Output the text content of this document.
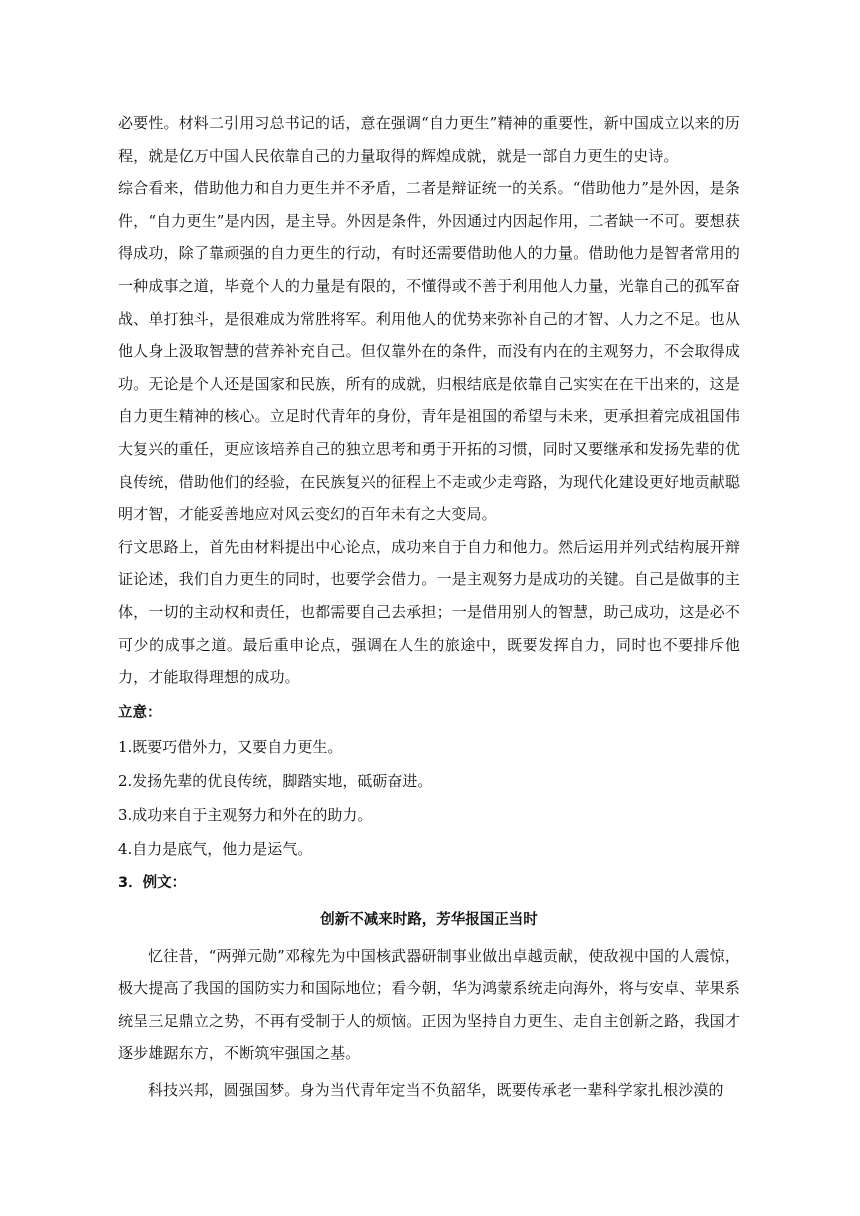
必要性。材料二引用习总书记的话，意在强调“自力更生”精神的重要性，新中国成立以来的历程，就是亿万中国人民依靠自己的力量取得的辉煌成就，就是一部自力更生的史诗。

综合看来，借助他力和自力更生并不矛盾，二者是辩证统一的关系。“借助他力”是外因，是条件，“自力更生”是内因，是主导。外因是条件，外因通过内因起作用，二者缺一不可。要想获得成功，除了靠顽强的自力更生的行动，有时还需要借助他人的力量。借助他力是智者常用的一种成事之道，毕竟个人的力量是有限的，不懂得或不善于利用他人力量，光靠自己的孤军奋战、单打独斗，是很难成为常胜将军。利用他人的优势来弥补自己的才智、人力之不足。也从他人身上汲取智慧的营养补充自己。但仅靠外在的条件，而没有内在的主观努力，不会取得成功。无论是个人还是国家和民族，所有的成就，归根结底是依靠自己实实在在干出来的，这是自力更生精神的核心。立足时代青年的身份，青年是祖国的希望与未来，更承担着完成祖国伟大复兴的重任，更应该培养自己的独立思考和勇于开拓的习惯，同时又要继承和发扬先辈的优良传统，借助他们的经验，在民族复兴的征程上不走或少走弯路，为现代化建设更好地贡献聪明才智，才能妥善地应对风云变幻的百年未有之大变局。

行文思路上，首先由材料提出中心论点，成功来自于自力和他力。然后运用并列式结构展开辩证论述，我们自力更生的同时，也要学会借力。一是主观努力是成功的关键。自己是做事的主体，一切的主动权和责任，也都需要自己去承担；一是借用别人的智慧，助己成功，这是必不可少的成事之道。最后重申论点，强调在人生的旅途中，既要发挥自力，同时也不要排斥他力，才能取得理想的成功。

立意：

1.既要巧借外力，又要自力更生。

2.发扬先辈的优良传统，脚踏实地，砥砺奋进。

3.成功来自于主观努力和外在的助力。

4.自力是底气，他力是运气。

3．例文：

创新不减来时路，芳华报国正当时

忆往昔，“两弹元勋”邓稼先为中国核武器研制事业做出卓越贡献，使敌视中国的人震惊，极大提高了我国的国防实力和国际地位；看今朝，华为鸿蒙系统走向海外，将与安卓、苹果系统呈三足鼎立之势，不再有受制于人的烦恼。正因为坚持自力更生、走自主创新之路，我国才逐步雄踞东方，不断筑牢强国之基。

科技兴邦，圆强国梦。身为当代青年定当不负韶华，既要传承老一辈科学家扎根沙漠的
